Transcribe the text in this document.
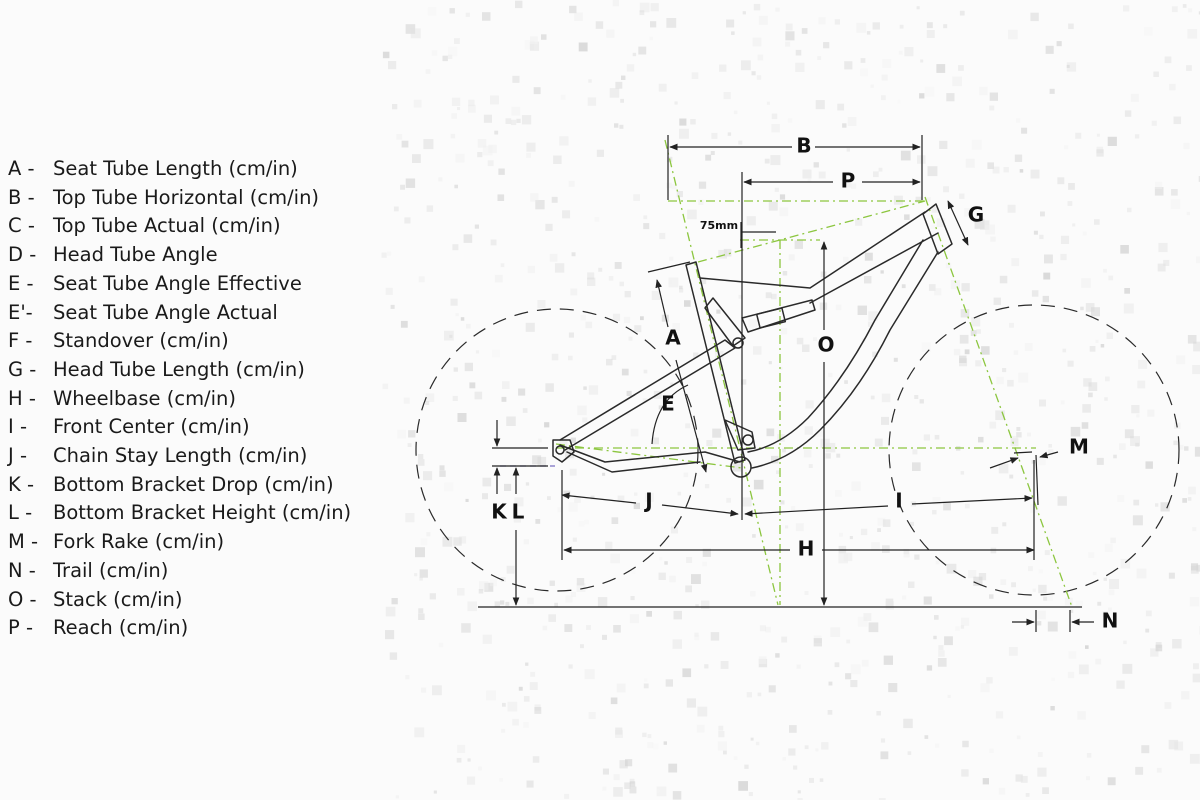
A - Seat Tube Length (cm/in)
B - Top Tube Horizontal (cm/in)
C - Top Tube Actual (cm/in)
D - Head Tube Angle
E - Seat Tube Angle Effective
E'-	Seat Tube Angle Actual
F -	Standover (cm/in)
G - Head Tube Length (cm/in)
H - Wheelbase (cm/in)
I -	Front Center (cm/in)
J -	Chain Stay Length (cm/in)
K - Bottom Bracket Drop (cm/in)
L -	Bottom Bracket Height (cm/in)
M - Fork Rake (cm/in)
N - Trail (cm/in)
O - Stack (cm/in)
P -	Reach (cm/in)
B
P
G
75mm
A	O
E
M
J	I
K L
H
N
